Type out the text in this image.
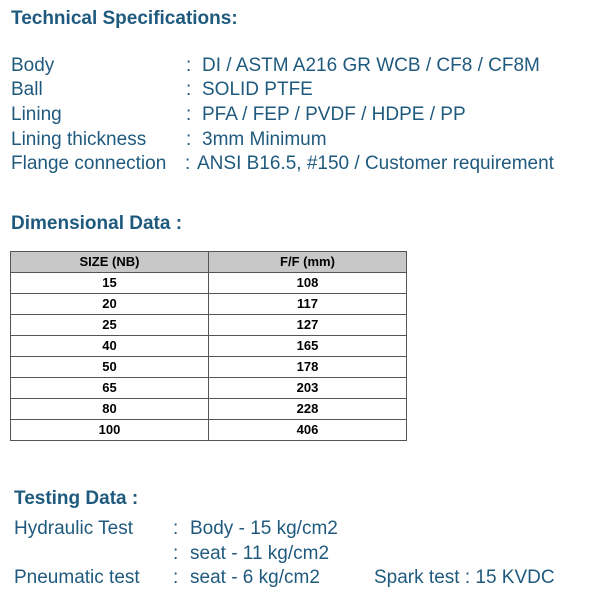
Technical Specifications:
Body	: DI / ASTM A216 GR WCB / CF8 / CF8M
Ball	: SOLID PTFE
Lining	: PFA / FEP / PVDF / HDPE / PP
Lining thickness : 3mm Minimum
Flange connection : ANSI B16.5, #150 / Customer requirement
Dimensional Data :
SIZE (NB)	F/F (mm)
15	108
20	117
25	127
40	165
50	178
65	203
80	228
100	406
Testing Data :
Hydraulic Test : Body - 15 kg/cm2
: seat - 11 kg/cm2
Pneumatic test : seat - 6 kg/cm2	Spark test : 15 KVDC
